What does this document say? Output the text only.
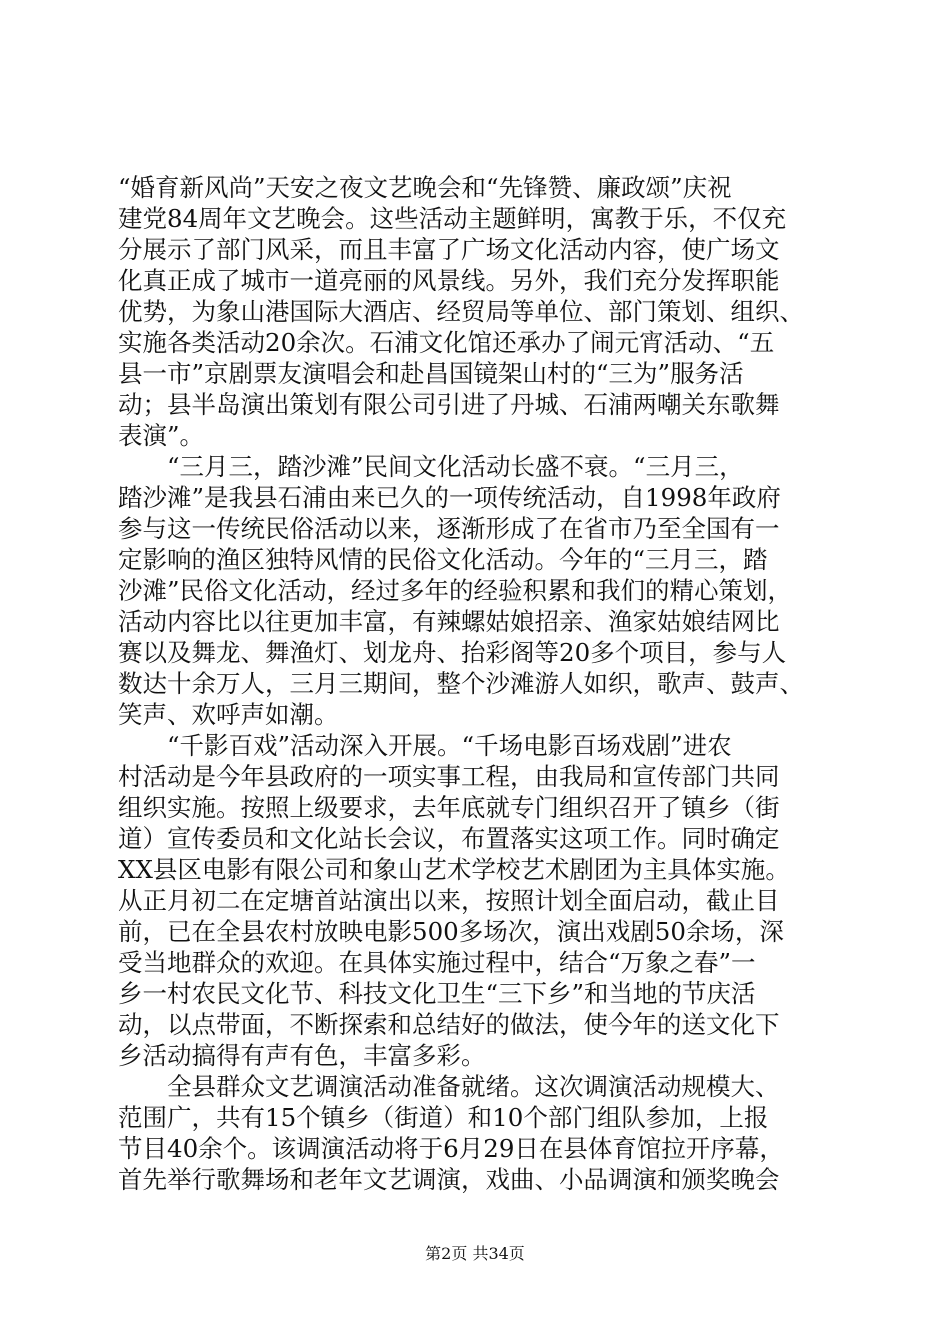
“婚育新风尚”天安之夜文艺晚会和“先锋赞、廉政颂”庆祝
建党84周年文艺晚会。这些活动主题鲜明，寓教于乐，不仅充
分展示了部门风采，而且丰富了广场文化活动内容，使广场文
化真正成了城市一道亮丽的风景线。另外，我们充分发挥职能
优势，为象山港国际大酒店、经贸局等单位、部门策划、组织、
实施各类活动20余次。石浦文化馆还承办了闹元宵活动、“五
县一市”京剧票友演唱会和赴昌国镜架山村的“三为”服务活
动；县半岛演出策划有限公司引进了丹城、石浦两嘲关东歌舞
表演”。
　　“三月三，踏沙滩”民间文化活动长盛不衰。“三月三，
踏沙滩”是我县石浦由来已久的一项传统活动，自1998年政府
参与这一传统民俗活动以来，逐渐形成了在省市乃至全国有一
定影响的渔区独特风情的民俗文化活动。今年的“三月三，踏
沙滩”民俗文化活动，经过多年的经验积累和我们的精心策划，
活动内容比以往更加丰富，有辣螺姑娘招亲、渔家姑娘结网比
赛以及舞龙、舞渔灯、划龙舟、抬彩阁等20多个项目，参与人
数达十余万人，三月三期间，整个沙滩游人如织，歌声、鼓声、
笑声、欢呼声如潮。
　　“千影百戏”活动深入开展。“千场电影百场戏剧”进农
村活动是今年县政府的一项实事工程，由我局和宣传部门共同
组织实施。按照上级要求，去年底就专门组织召开了镇乡（街
道）宣传委员和文化站长会议，布置落实这项工作。同时确定
XX县区电影有限公司和象山艺术学校艺术剧团为主具体实施。
从正月初二在定塘首站演出以来，按照计划全面启动，截止目
前，已在全县农村放映电影500多场次，演出戏剧50余场，深
受当地群众的欢迎。在具体实施过程中，结合“万象之春”一
乡一村农民文化节、科技文化卫生“三下乡”和当地的节庆活
动，以点带面，不断探索和总结好的做法，使今年的送文化下
乡活动搞得有声有色，丰富多彩。
　　全县群众文艺调演活动准备就绪。这次调演活动规模大、
范围广，共有15个镇乡（街道）和10个部门组队参加，上报
节目40余个。该调演活动将于6月29日在县体育馆拉开序幕，
首先举行歌舞场和老年文艺调演，戏曲、小品调演和颁奖晚会
第2页 共34页
